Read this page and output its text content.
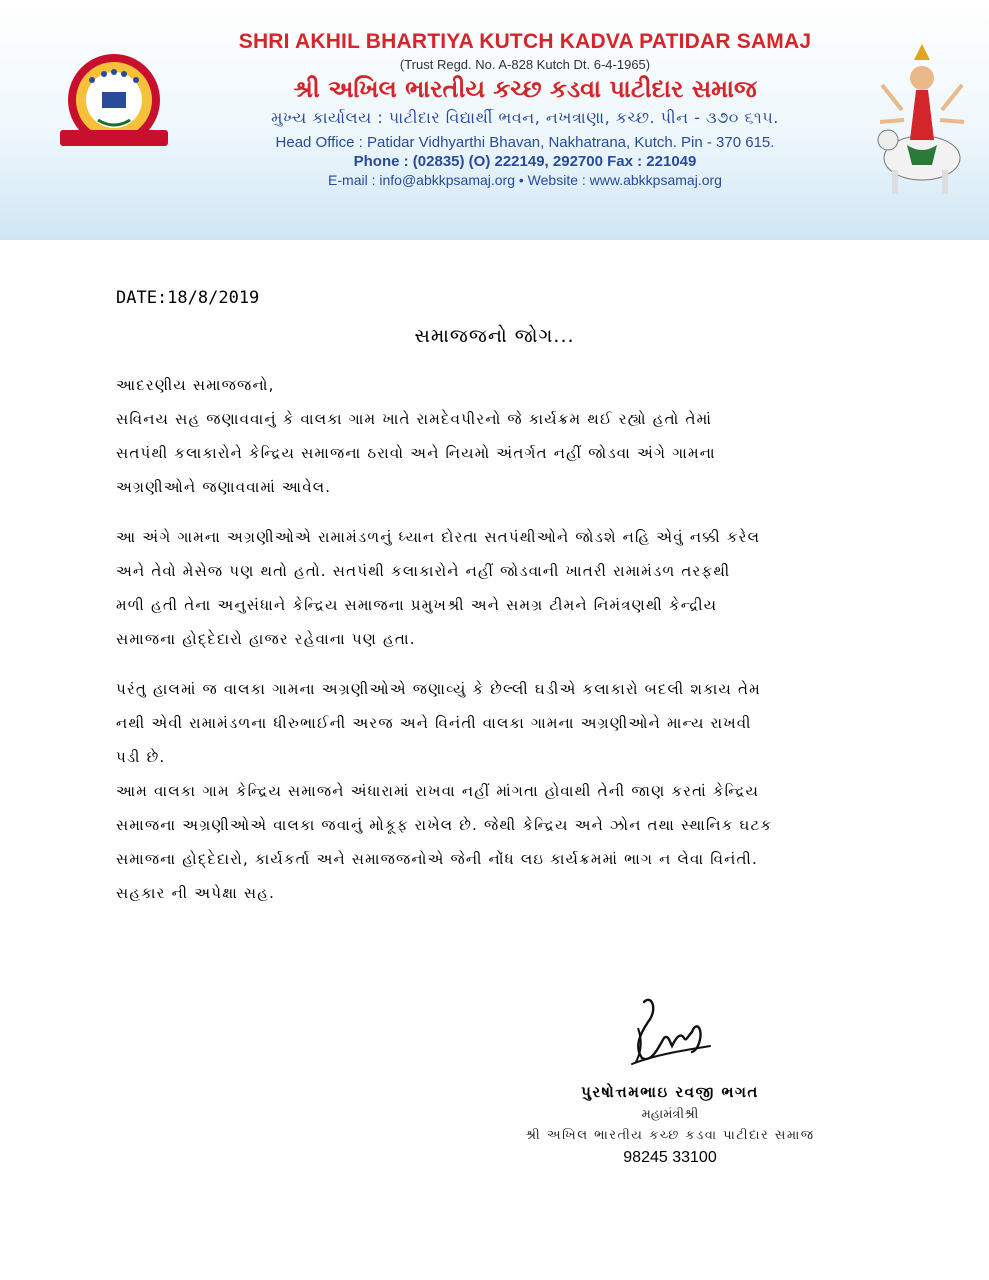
SHRI AKHIL BHARTIYA KUTCH KADVA PATIDAR SAMAJ
(Trust Regd. No. A-828 Kutch Dt. 6-4-1965)
શ્રી અખિલ ભારતીય કચ્છ કડવા પાટીદાર સમાજ
મુખ્ય કાર્યાલય : પાટીદાર વિદ્યાર્થી ભવન, નખત્રાણા, કચ્છ. પીન - ૩૭૦ ૬૧૫.
Head Office : Patidar Vidhyarthi Bhavan, Nakhatrana, Kutch. Pin - 370 615.
Phone : (02835) (O) 222149, 292700 Fax : 221049
E-mail : info@abkkpsamaj.org • Website : www.abkkpsamaj.org
DATE:18/8/2019
સમાજજનો જોગ...

આદરણીય સમાજજનો,

સવિનય સહ જણાવવાનું કે વાલકા ગામ ખાતે રામદેવપીરનો જે કાર્યક્રમ થઈ રહ્યો હતો તેમાં

સતપંથી કલાકારોને કેન્દ્રિય સમાજના ઠરાવો અને નિયમો અંતર્ગત નહીં જોડવા અંગે ગામના

અગ્રણીઓને જણાવવામાં આવેલ.

આ અંગે ગામના અગ્રણીઓએ રામામંડળનું ધ્યાન દોરતા સતપંથીઓને જોડશે નહિ એવું નક્કી કરેલ

અને તેવો મેસેજ પણ થતો હતો. સતપંથી કલાકારોને નહીં જોડવાની ખાતરી રામામંડળ તરફથી

મળી હતી તેના અનુસંધાને કેન્દ્રિય સમાજના પ્રમુખશ્રી અને સમગ્ર ટીમને નિમંત્રણથી કેન્દ્રીય

સમાજના હોદ્દેદારો હાજર રહેવાના પણ હતા.

પરંતુ હાલમાં જ વાલકા ગામના અગ્રણીઓએ જણાવ્યું કે છેલ્લી ઘડીએ કલાકારો બદલી શકાય તેમ

નથી એવી રામામંડળના ધીરુભાઈની અરજ અને વિનંતી વાલકા ગામના અગ્રણીઓને માન્ય રાખવી

પડી છે.

આમ વાલકા ગામ કેન્દ્રિય સમાજને અંધારામાં રાખવા નહીં માંગતા હોવાથી તેની જાણ કરતાં કેન્દ્રિય

સમાજના અગ્રણીઓએ વાલકા જવાનું મોકૂફ રાખેલ છે. જેથી કેન્દ્રિય અને ઝોન તથા સ્થાનિક ઘટક

સમાજના હોદ્દેદારો, કાર્યકર્તા અને સમાજજનોએ જેની નોંધ લઇ કાર્યક્રમમાં ભાગ ન લેવા વિનંતી.

સહકાર ની અપેક્ષા સહ.

પુરષોત્તમભાઇ રવજી ભગત
મહામંત્રીશ્રી
શ્રી અખિલ ભારતીય કચ્છ કડવા પાટીદાર સમાજ
98245 33100
